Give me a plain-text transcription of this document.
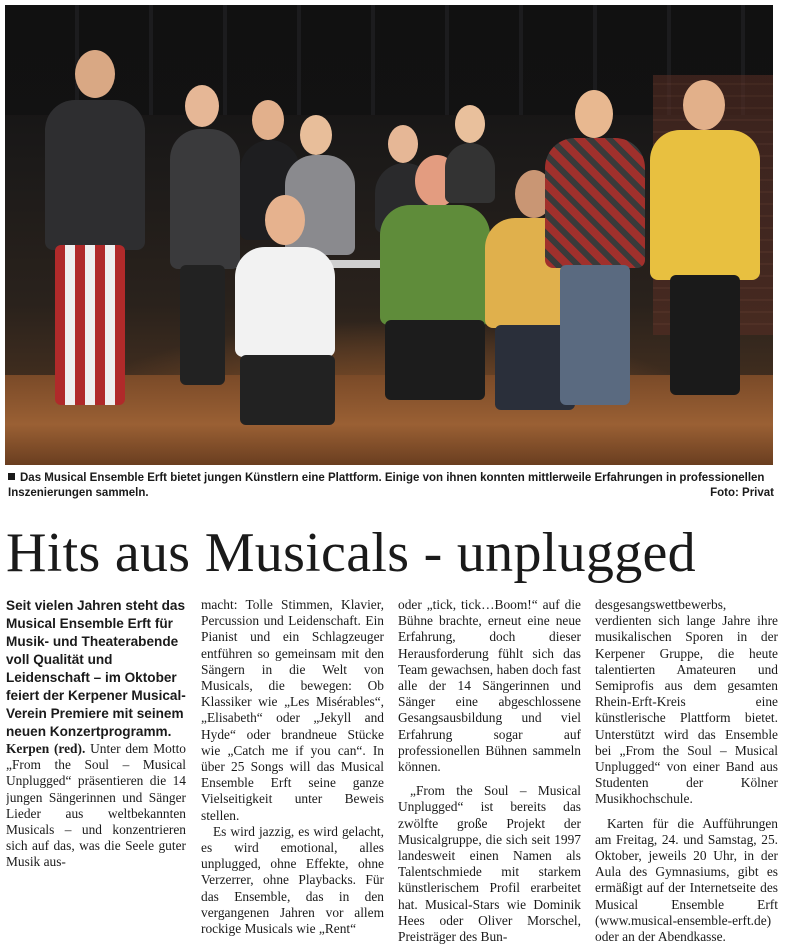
Das Musical Ensemble Erft bietet jungen Künstlern eine Plattform. Einige von ihnen konnten mittlerweile Erfahrungen in professionellen Inszenierungen sammeln.	Foto: Privat
Hits aus Musicals - unplugged

Seit vielen Jahren steht das Musical Ensemble Erft für Musik- und Theaterabende voll Qualität und Leidenschaft – im Oktober feiert der Kerpener Musical-Verein Premiere mit seinem neuen Konzertprogramm.

Kerpen (red). Unter dem Motto „From the Soul – Musical Unplugged“ präsentieren die 14 jungen Sängerinnen und Sänger Lieder aus weltbekannten Musicals – und konzentrieren sich auf das, was die Seele guter Musik aus-

macht: Tolle Stimmen, Klavier, Percussion und Leidenschaft. Ein Pianist und ein Schlagzeuger entführen so gemeinsam mit den Sängern in die Welt von Musicals, die bewegen: Ob Klassiker wie „Les Misérables“, „Elisabeth“ oder „Jekyll and Hyde“ oder brandneue Stücke wie „Catch me if you can“. In über 25 Songs will das Musical Ensemble Erft seine ganze Vielseitigkeit unter Beweis stellen.

Es wird jazzig, es wird gelacht, es wird emotional, alles unplugged, ohne Effekte, ohne Verzerrer, ohne Playbacks. Für das Ensemble, das in den vergangenen Jahren vor allem rockige Musicals wie „Rent“

oder „tick, tick…Boom!“ auf die Bühne brachte, erneut eine neue Erfahrung, doch dieser Herausforderung fühlt sich das Team gewachsen, haben doch fast alle der 14 Sängerinnen und Sänger eine abgeschlossene Gesangsausbildung und viel Erfahrung sogar auf professionellen Bühnen sammeln können.

„From the Soul – Musical Unplugged“ ist bereits das zwölfte große Projekt der Musicalgruppe, die sich seit 1997 landesweit einen Namen als Talentschmiede mit starkem künstlerischem Profil erarbeitet hat. Musical-Stars wie Dominik Hees oder Oliver Morschel, Preisträger des Bun-

desgesangswettbewerbs, verdienten sich lange Jahre ihre musikalischen Sporen in der Kerpener Gruppe, die heute talentierten Amateuren und Semiprofis aus dem gesamten Rhein-Erft-Kreis eine künstlerische Plattform bietet. Unterstützt wird das Ensemble bei „From the Soul – Musical Unplugged“ von einer Band aus Studenten der Kölner Musikhochschule.

Karten für die Aufführungen am Freitag, 24. und Samstag, 25. Oktober, jeweils 20 Uhr, in der Aula des Gymnasiums, gibt es ermäßigt auf der Internetseite des Musical Ensemble Erft (www.musical-ensemble-erft.de) oder an der Abendkasse.
